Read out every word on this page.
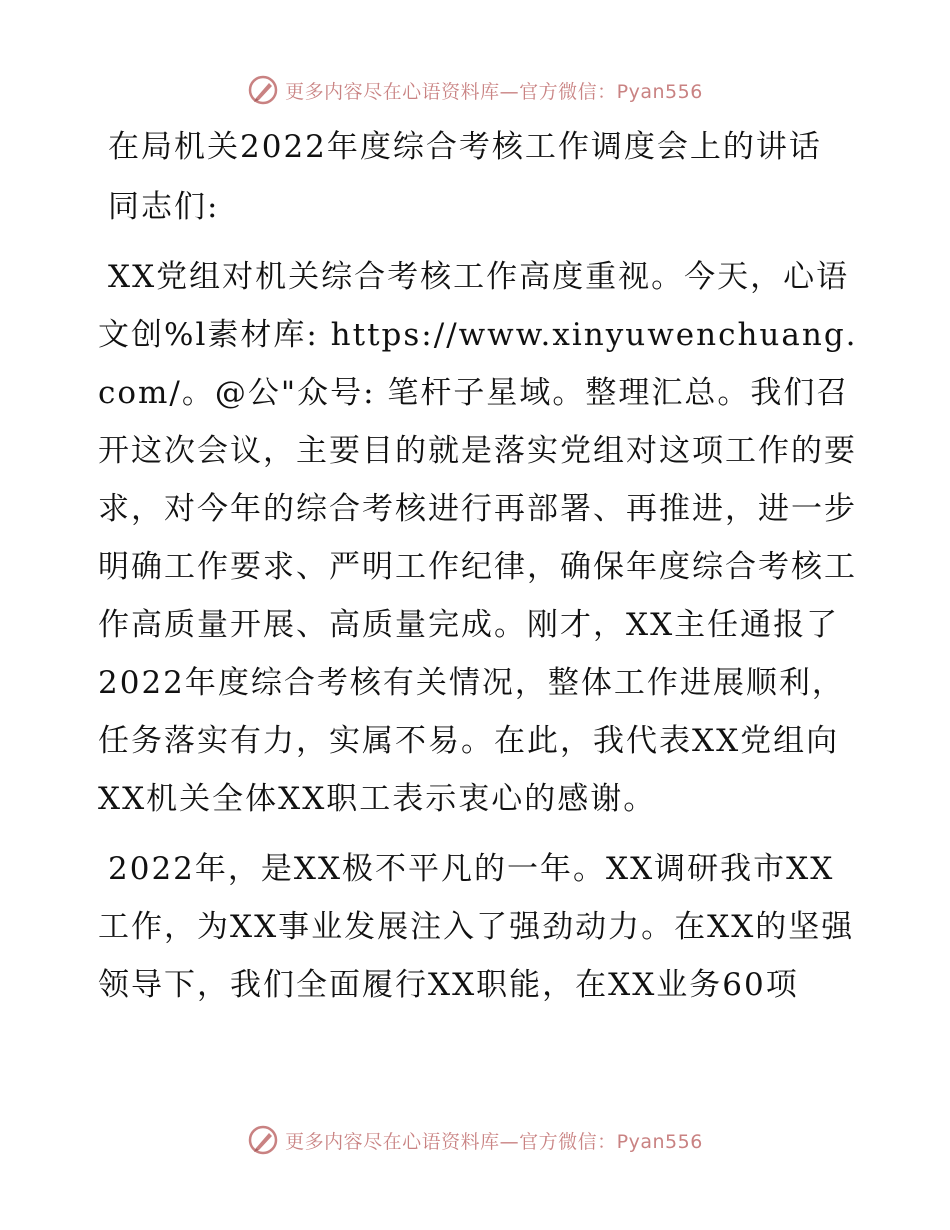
更多内容尽在心语资料库—官方微信：Pyan556
在局机关2022年度综合考核工作调度会上的讲话

同志们:

XX党组对机关综合考核工作高度重视。今天，心语文创%l素材库: https://www.xinyuwenchuang.com/。@公"众号: 笔杆子星域。整理汇总。我们召开这次会议，主要目的就是落实党组对这项工作的要求，对今年的综合考核进行再部署、再推进，进一步明确工作要求、严明工作纪律，确保年度综合考核工作高质量开展、高质量完成。刚才，XX主任通报了2022年度综合考核有关情况，整体工作进展顺利，任务落实有力，实属不易。在此，我代表XX党组向XX机关全体XX职工表示衷心的感谢。

2022年，是XX极不平凡的一年。XX调研我市XX工作，为XX事业发展注入了强劲动力。在XX的坚强领导下，我们全面履行XX职能，在XX业务60项

更多内容尽在心语资料库—官方微信：Pyan556
